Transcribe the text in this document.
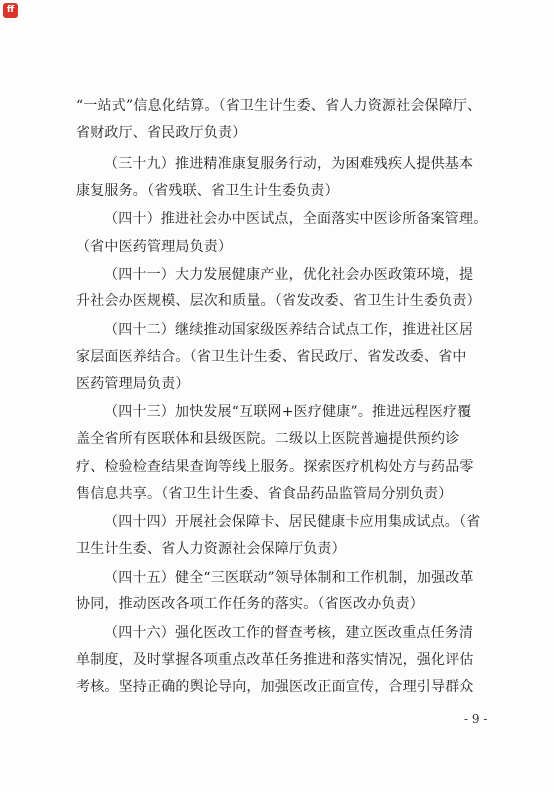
ff

“一站式”信息化结算。（省卫生计生委、省人力资源社会保障厅、

省财政厅、省民政厅负责）

（三十九）推进精准康复服务行动，为困难残疾人提供基本

康复服务。（省残联、省卫生计生委负责）

（四十）推进社会办中医试点，全面落实中医诊所备案管理。

（省中医药管理局负责）

（四十一）大力发展健康产业，优化社会办医政策环境，提

升社会办医规模、层次和质量。（省发改委、省卫生计生委负责）

（四十二）继续推动国家级医养结合试点工作，推进社区居

家层面医养结合。（省卫生计生委、省民政厅、省发改委、省中

医药管理局负责）

（四十三）加快发展“互联网+医疗健康”。推进远程医疗覆

盖全省所有医联体和县级医院。二级以上医院普遍提供预约诊

疗、检验检查结果查询等线上服务。探索医疗机构处方与药品零

售信息共享。（省卫生计生委、省食品药品监管局分别负责）

（四十四）开展社会保障卡、居民健康卡应用集成试点。（省

卫生计生委、省人力资源社会保障厅负责）

（四十五）健全“三医联动”领导体制和工作机制，加强改革

协同，推动医改各项工作任务的落实。（省医改办负责）

（四十六）强化医改工作的督查考核，建立医改重点任务清

单制度，及时掌握各项重点改革任务推进和落实情况，强化评估

考核。坚持正确的舆论导向，加强医改正面宣传，合理引导群众

- 9 -
